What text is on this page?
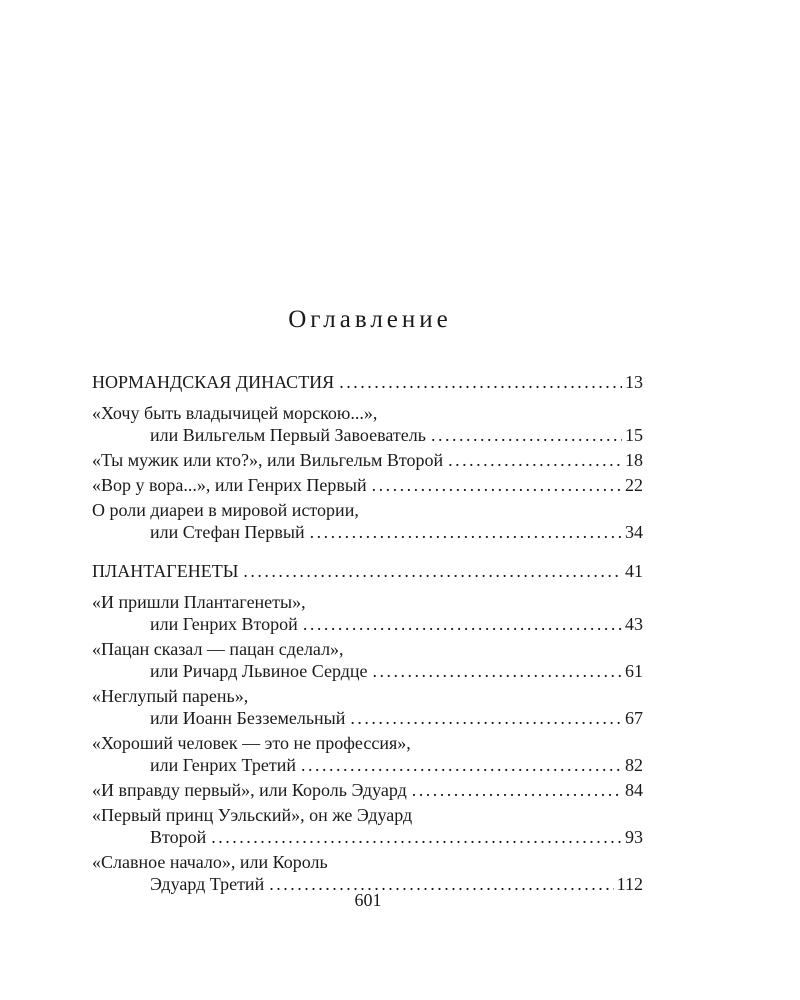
Оглавление
НОРМАНДСКАЯ ДИНАСТИЯ . . .	13
«Хочу быть владычицей морскою...»,
или Вильгельм Первый Завоеватель . . .	15
«Ты мужик или кто?», или Вильгельм Второй . . .	18
«Вор у вора...», или Генрих Первый . . .	22
О роли диареи в мировой истории,
или Стефан Первый . . .	34
ПЛАНТАГЕНЕТЫ . . .	41
«И пришли Плантагенеты»,
или Генрих Второй . . .	43
«Пацан сказал — пацан сделал»,
или Ричард Львиное Сердце . . .	61
«Неглупый парень»,
или Иоанн Безземельный . . .	67
«Хороший человек — это не профессия»,
или Генрих Третий . . .	82
«И вправду первый», или Король Эдуард . . .	84
«Первый принц Уэльский», он же Эдуард
Второй . . .	93
«Славное начало», или Король
Эдуард Третий . . .	112
601
